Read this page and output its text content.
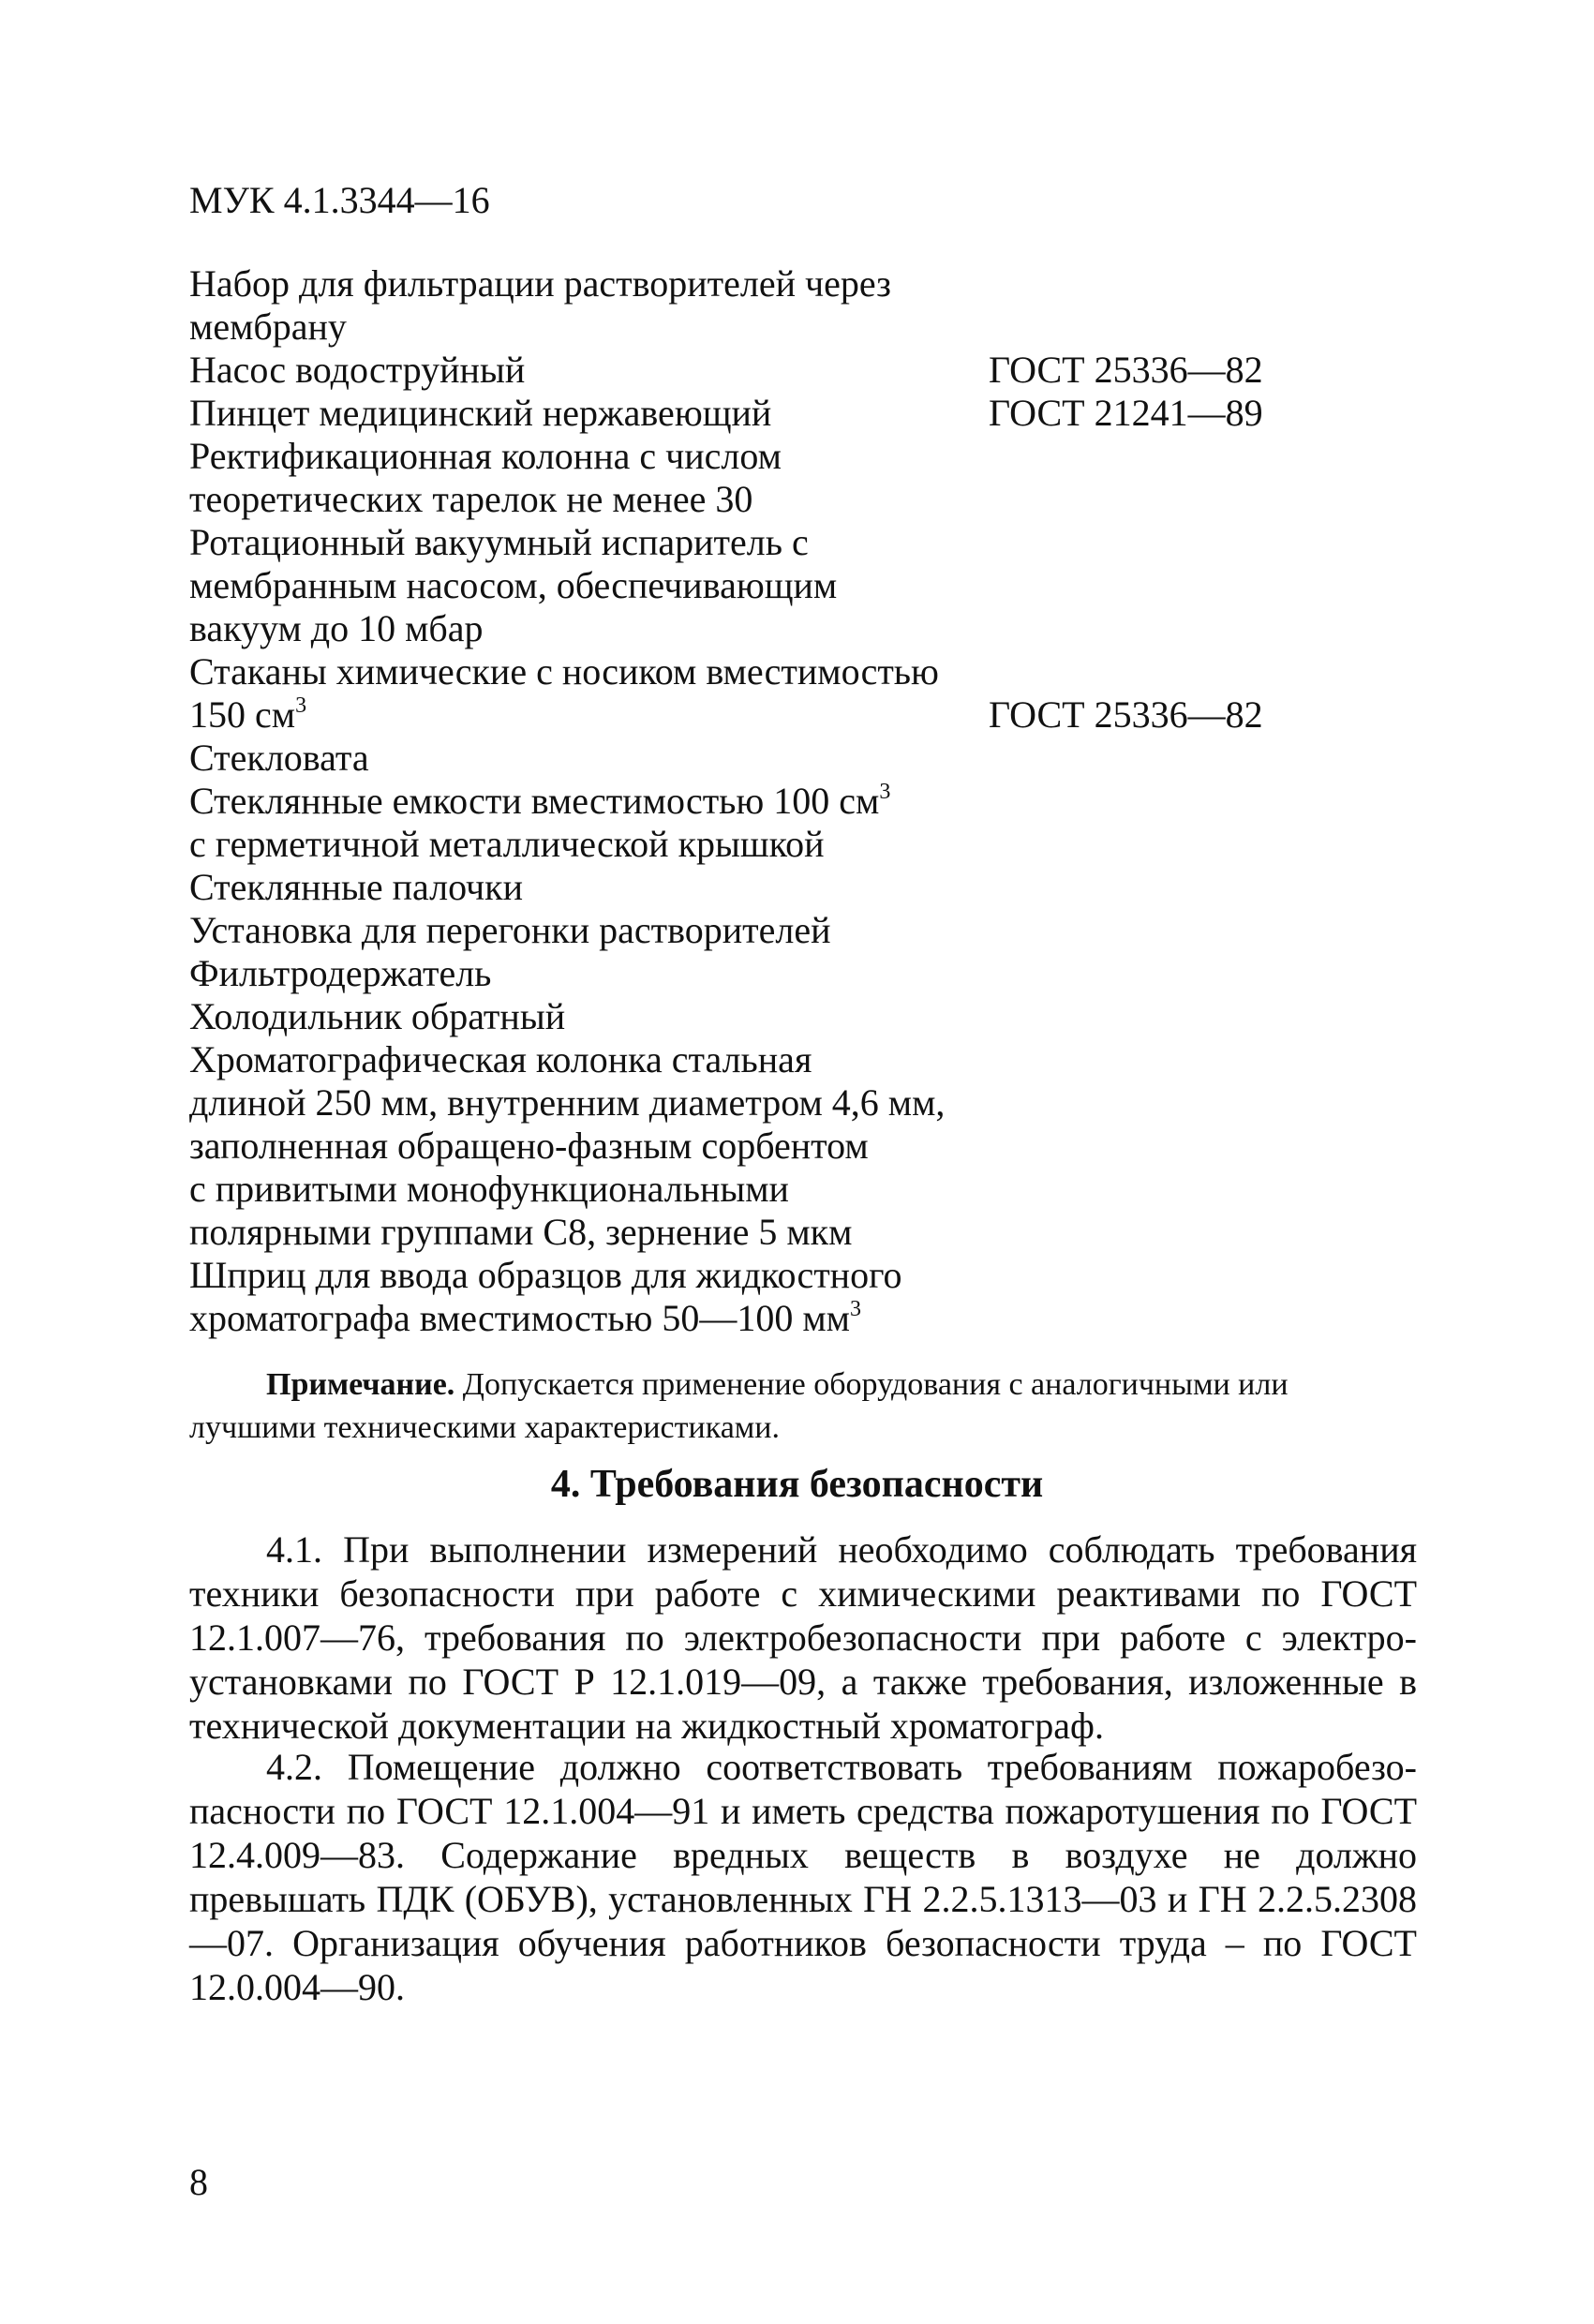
МУК 4.1.3344—16
Набор для фильтрации растворителей через
мембрану
Насос водоструйный	ГОСТ 25336—82
Пинцет медицинский нержавеющий	ГОСТ 21241—89
Ректификационная колонна с числом
теоретических тарелок не менее 30
Ротационный вакуумный испаритель с
мембранным насосом, обеспечивающим
вакуум до 10 мбар
Стаканы химические с носиком вместимостью
150 $см^3$	ГОСТ 25336—82
Стекловата
Стеклянные емкости вместимостью 100 $см^3$
с герметичной металлической крышкой
Стеклянные палочки
Установка для перегонки растворителей
Фильтродержатель
Холодильник обратный
Хроматографическая колонка стальная
длиной 250 мм, внутренним диаметром 4,6 мм,
заполненная обращено-фазным сорбентом
с привитыми монофункциональными
полярными группами С8, зернение 5 мкм
Шприц для ввода образцов для жидкостного
хроматографа вместимостью 50—100 $мм^3$
Примечание. Допускается применение оборудования с аналогичными или лучшими техническими характеристиками.
4. Требования безопасности

4.1. При выполнении измерений необходимо соблюдать требования техники безопасности при работе с химическими реактивами по ГОСТ 12.1.007—76, требования по электробезопасности при работе с электро-установками по ГОСТ Р 12.1.019—09, а также требования, изложенные в технической документации на жидкостный хроматограф.

4.2. Помещение должно соответствовать требованиям пожаробезо-пасности по ГОСТ 12.1.004—91 и иметь средства пожаротушения по ГОСТ 12.4.009—83. Содержание вредных веществ в воздухе не должно превышать ПДК (ОБУВ), установленных ГН 2.2.5.1313—03 и ГН 2.2.5.2308—07. Организация обучения работников безопасности труда – по ГОСТ 12.0.004—90.

8
